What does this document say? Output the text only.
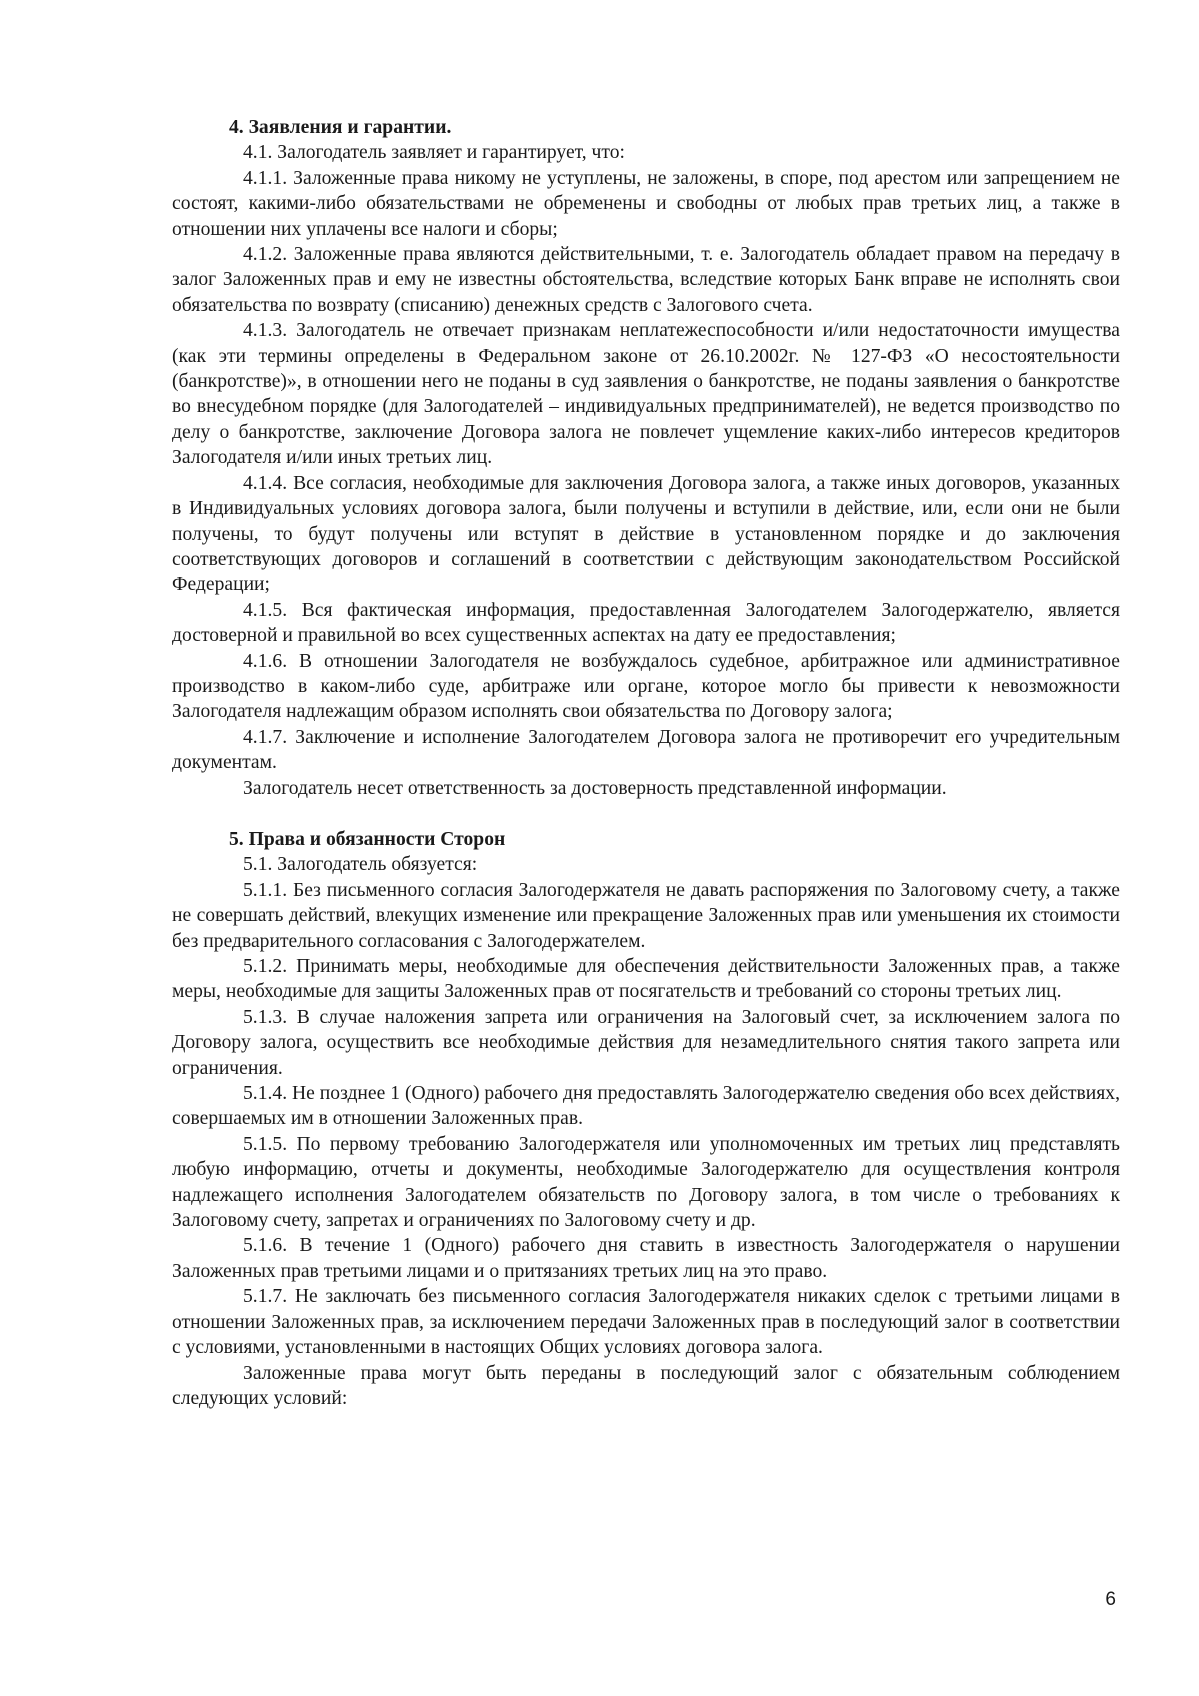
4. Заявления и гарантии.

4.1. Залогодатель заявляет и гарантирует, что:

4.1.1. Заложенные права никому не уступлены, не заложены, в споре, под арестом или запрещением не состоят, какими-либо обязательствами не обременены и свободны от любых прав третьих лиц, а также в отношении них уплачены все налоги и сборы;

4.1.2. Заложенные права являются действительными, т. е. Залогодатель обладает правом на передачу в залог Заложенных прав и ему не известны обстоятельства, вследствие которых Банк вправе не исполнять свои обязательства по возврату (списанию) денежных средств с Залогового счета.

4.1.3. Залогодатель не отвечает признакам неплатежеспособности и/или недостаточности имущества (как эти термины определены в Федеральном законе от 26.10.2002г. № 127-ФЗ «О несостоятельности (банкротстве)», в отношении него не поданы в суд заявления о банкротстве, не поданы заявления о банкротстве во внесудебном порядке (для Залогодателей – индивидуальных предпринимателей), не ведется производство по делу о банкротстве, заключение Договора залога не повлечет ущемление каких-либо интересов кредиторов Залогодателя и/или иных третьих лиц.

4.1.4. Все согласия, необходимые для заключения Договора залога, а также иных договоров, указанных в Индивидуальных условиях договора залога, были получены и вступили в действие, или, если они не были получены, то будут получены или вступят в действие в установленном порядке и до заключения соответствующих договоров и соглашений в соответствии с действующим законодательством Российской Федерации;

4.1.5. Вся фактическая информация, предоставленная Залогодателем Залогодержателю, является достоверной и правильной во всех существенных аспектах на дату ее предоставления;

4.1.6. В отношении Залогодателя не возбуждалось судебное, арбитражное или административное производство в каком-либо суде, арбитраже или органе, которое могло бы привести к невозможности Залогодателя надлежащим образом исполнять свои обязательства по Договору залога;

4.1.7. Заключение и исполнение Залогодателем Договора залога не противоречит его учредительным документам.

Залогодатель несет ответственность за достоверность представленной информации.

5. Права и обязанности Сторон

5.1. Залогодатель обязуется:

5.1.1. Без письменного согласия Залогодержателя не давать распоряжения по Залоговому счету, а также не совершать действий, влекущих изменение или прекращение Заложенных прав или уменьшения их стоимости без предварительного согласования с Залогодержателем.

5.1.2. Принимать меры, необходимые для обеспечения действительности Заложенных прав, а также меры, необходимые для защиты Заложенных прав от посягательств и требований со стороны третьих лиц.

5.1.3. В случае наложения запрета или ограничения на Залоговый счет, за исключением залога по Договору залога, осуществить все необходимые действия для незамедлительного снятия такого запрета или ограничения.

5.1.4. Не позднее 1 (Одного) рабочего дня предоставлять Залогодержателю сведения обо всех действиях, совершаемых им в отношении Заложенных прав.

5.1.5. По первому требованию Залогодержателя или уполномоченных им третьих лиц представлять любую информацию, отчеты и документы, необходимые Залогодержателю для осуществления контроля надлежащего исполнения Залогодателем обязательств по Договору залога, в том числе о требованиях к Залоговому счету, запретах и ограничениях по Залоговому счету и др.

5.1.6. В течение 1 (Одного) рабочего дня ставить в известность Залогодержателя о нарушении Заложенных прав третьими лицами и о притязаниях третьих лиц на это право.

5.1.7. Не заключать без письменного согласия Залогодержателя никаких сделок с третьими лицами в отношении Заложенных прав, за исключением передачи Заложенных прав в последующий залог в соответствии с условиями, установленными в настоящих Общих условиях договора залога.

Заложенные права могут быть переданы в последующий залог с обязательным соблюдением следующих условий:

6
